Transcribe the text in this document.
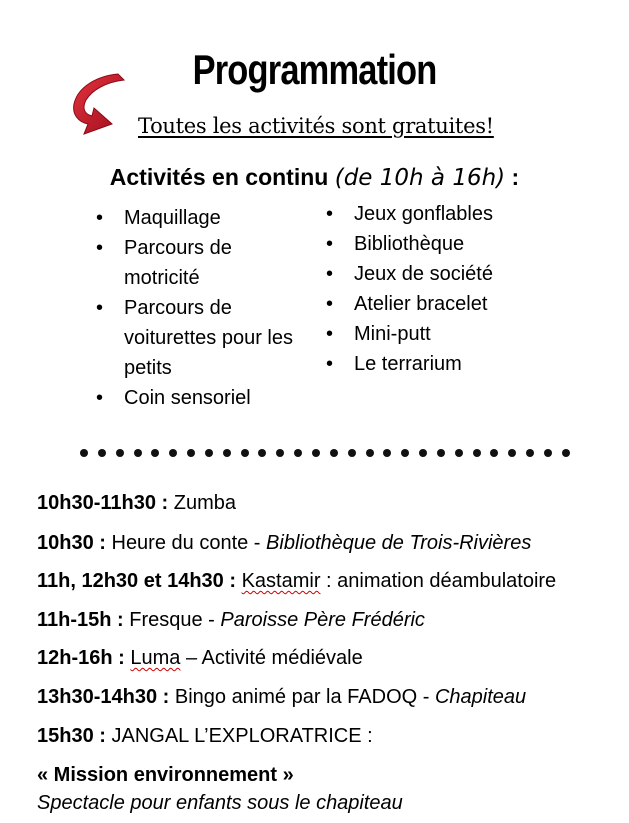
Programmation
Toutes les activités sont gratuites!
Activités en continu (de 10h à 16h) :
• Maquillage
• Parcours de motricité
• Parcours de voiturettes pour les petits
• Coin sensoriel
• Jeux gonflables
• Bibliothèque
• Jeux de société
• Atelier bracelet
• Mini-putt
• Le terrarium
10h30-11h30 : Zumba
10h30 : Heure du conte - Bibliothèque de Trois-Rivières
11h, 12h30 et 14h30 : Kastamir : animation déambulatoire
11h-15h : Fresque - Paroisse Père Frédéric
12h-16h : Luma – Activité médiévale
13h30-14h30 : Bingo animé par la FADOQ - Chapiteau
15h30 : JANGAL L’EXPLORATRICE :
« Mission environnement »
Spectacle pour enfants sous le chapiteau
